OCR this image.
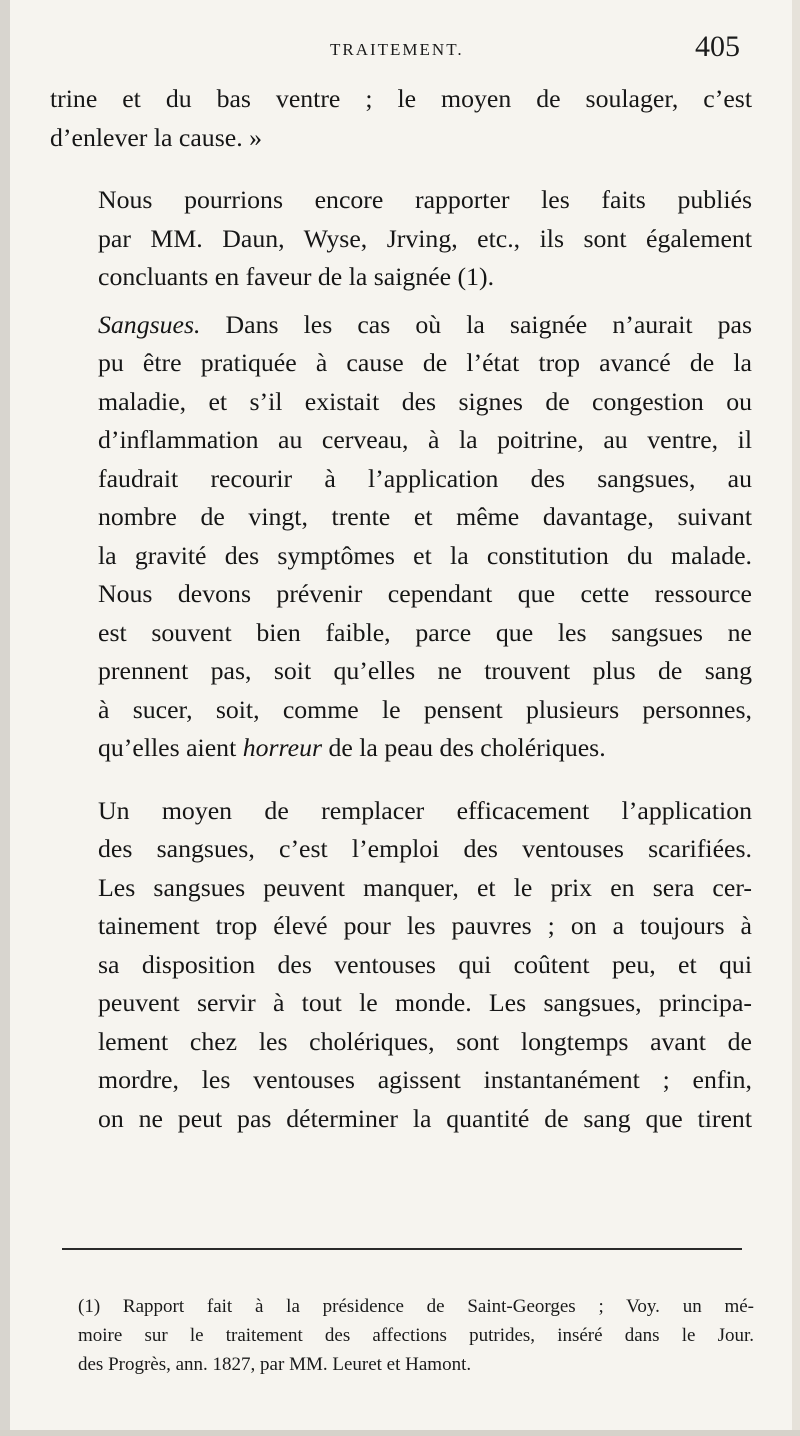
TRAITEMENT.	405

trine et du bas ventre ; le moyen de soulager, c’est
d’enlever la cause. »

Nous pourrions encore rapporter les faits publiés
par MM. Daun, Wyse, Jrving, etc., ils sont également
concluants en faveur de la saignée (1).

Sangsues. Dans les cas où la saignée n’aurait pas
pu être pratiquée à cause de l’état trop avancé de la
maladie, et s’il existait des signes de congestion ou
d’inflammation au cerveau, à la poitrine, au ventre, il
faudrait recourir à l’application des sangsues, au
nombre de vingt, trente et même davantage, suivant
la gravité des symptômes et la constitution du malade.
Nous devons prévenir cependant que cette ressource
est souvent bien faible, parce que les sangsues ne
prennent pas, soit qu’elles ne trouvent plus de sang
à sucer, soit, comme le pensent plusieurs personnes,
qu’elles aient horreur de la peau des cholériques.

Un moyen de remplacer efficacement l’application
des sangsues, c’est l’emploi des ventouses scarifiées.
Les sangsues peuvent manquer, et le prix en sera cer-
tainement trop élevé pour les pauvres ; on a toujours à
sa disposition des ventouses qui coûtent peu, et qui
peuvent servir à tout le monde. Les sangsues, principa-
lement chez les cholériques, sont longtemps avant de
mordre, les ventouses agissent instantanément ; enfin,
on ne peut pas déterminer la quantité de sang que tirent

(1) Rapport fait à la présidence de Saint-Georges ; Voy. un mé-
moire sur le traitement des affections putrides, inséré dans le Jour.
des Progrès, ann. 1827, par MM. Leuret et Hamont.
